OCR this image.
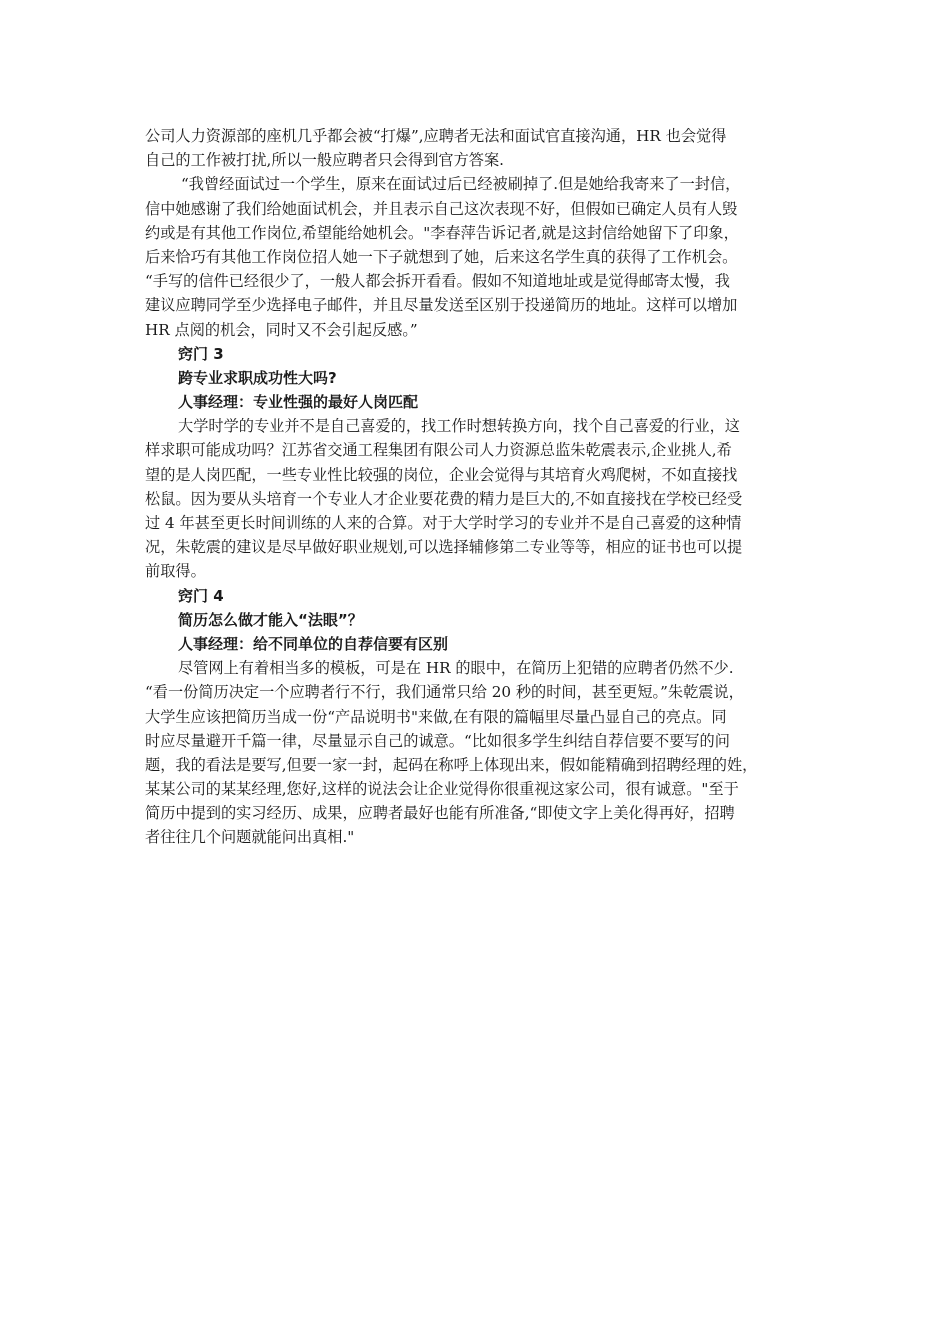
公司人力资源部的座机几乎都会被“打爆”,应聘者无法和面试官直接沟通，HR 也会觉得
自己的工作被打扰,所以一般应聘者只会得到官方答案.
“我曾经面试过一个学生，原来在面试过后已经被刷掉了.但是她给我寄来了一封信，
信中她感谢了我们给她面试机会，并且表示自己这次表现不好，但假如已确定人员有人毁
约或是有其他工作岗位,希望能给她机会。"李春萍告诉记者,就是这封信给她留下了印象，
后来恰巧有其他工作岗位招人她一下子就想到了她，后来这名学生真的获得了工作机会。
“手写的信件已经很少了，一般人都会拆开看看。假如不知道地址或是觉得邮寄太慢，我
建议应聘同学至少选择电子邮件，并且尽量发送至区别于投递简历的地址。这样可以增加
HR 点阅的机会，同时又不会引起反感。”
窍门 3
跨专业求职成功性大吗?
人事经理：专业性强的最好人岗匹配
大学时学的专业并不是自己喜爱的，找工作时想转换方向，找个自己喜爱的行业，这
样求职可能成功吗？江苏省交通工程集团有限公司人力资源总监朱乾震表示,企业挑人,希
望的是人岗匹配，一些专业性比较强的岗位，企业会觉得与其培育火鸡爬树，不如直接找
松鼠。因为要从头培育一个专业人才企业要花费的精力是巨大的,不如直接找在学校已经受
过 4 年甚至更长时间训练的人来的合算。对于大学时学习的专业并不是自己喜爱的这种情
况，朱乾震的建议是尽早做好职业规划,可以选择辅修第二专业等等，相应的证书也可以提
前取得。
窍门 4
简历怎么做才能入“法眼”？
人事经理：给不同单位的自荐信要有区别
尽管网上有着相当多的模板，可是在 HR 的眼中，在简历上犯错的应聘者仍然不少.
“看一份简历决定一个应聘者行不行，我们通常只给 20 秒的时间，甚至更短。”朱乾震说，
大学生应该把简历当成一份“产品说明书"来做,在有限的篇幅里尽量凸显自己的亮点。同
时应尽量避开千篇一律，尽量显示自己的诚意。“比如很多学生纠结自荐信要不要写的问
题，我的看法是要写,但要一家一封，起码在称呼上体现出来，假如能精确到招聘经理的姓，
某某公司的某某经理,您好,这样的说法会让企业觉得你很重视这家公司，很有诚意。"至于
简历中提到的实习经历、成果，应聘者最好也能有所准备,“即使文字上美化得再好，招聘
者往往几个问题就能问出真相."
